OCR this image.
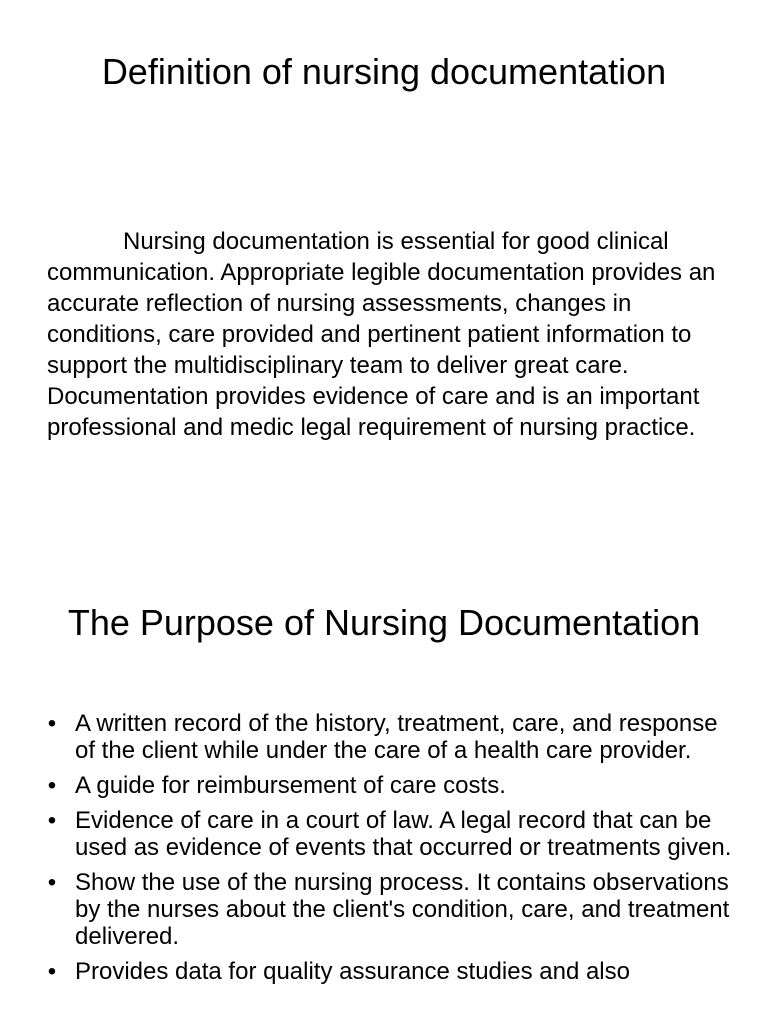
Definition of nursing documentation

Nursing documentation is essential for good clinical communication. Appropriate legible documentation provides an accurate reflection of nursing assessments, changes in conditions, care provided and pertinent patient information to support the multidisciplinary team to deliver great care. Documentation provides evidence of care and is an important professional and medic legal requirement of nursing practice.

The Purpose of Nursing Documentation
• A written record of the history, treatment, care, and response of the client while under the care of a health care provider.
• A guide for reimbursement of care costs.
• Evidence of care in a court of law. A legal record that can be used as evidence of events that occurred or treatments given.
• Show the use of the nursing process. It contains observations by the nurses about the client's condition, care, and treatment delivered.
• Provides data for quality assurance studies and also
